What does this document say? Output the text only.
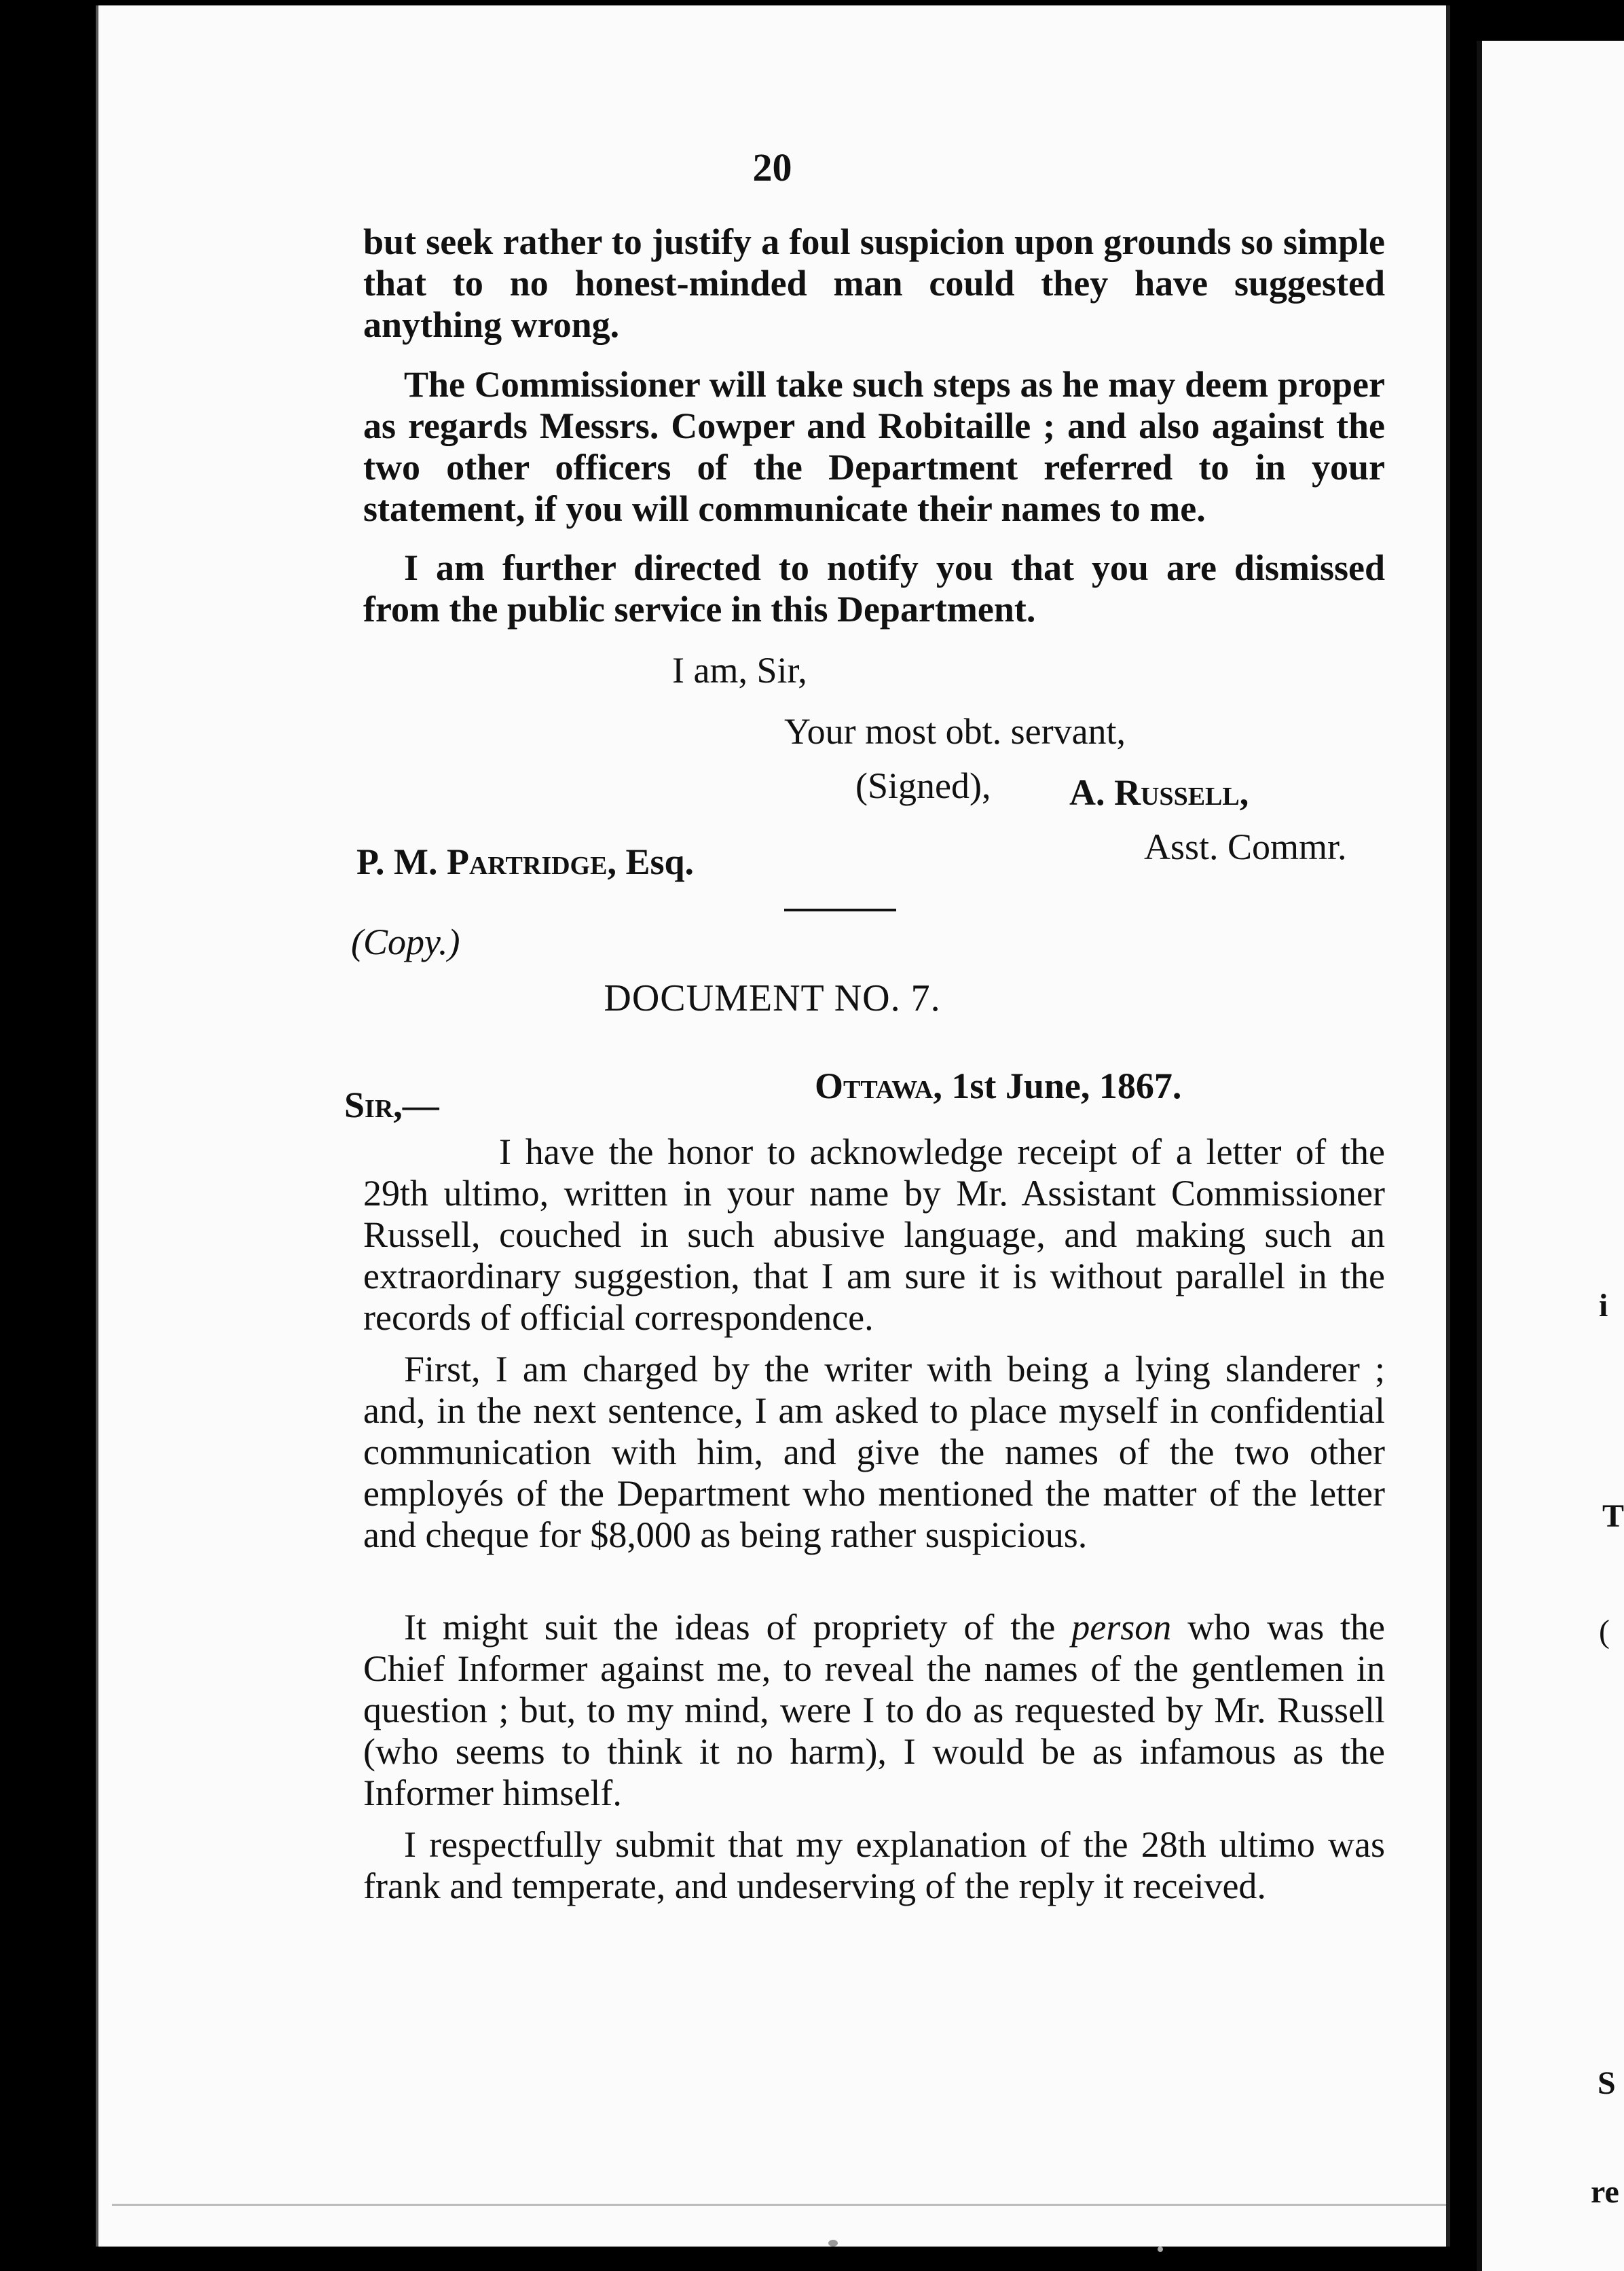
20

but seek rather to justify a foul suspicion upon grounds so simple that to no honest-minded man could they have suggested anything wrong.

The Commissioner will take such steps as he may deem proper as regards Messrs. Cowper and Robitaille ; and also against the two other officers of the Department referred to in your statement, if you will communicate their names to me.

I am further directed to notify you that you are dismissed from the public service in this Department.

I am, Sir,
Your most obt. servant,
(Signed), A. Russell,
Asst. Commr.
P. M. Partridge, Esq.
(Copy.)
DOCUMENT NO. 7.
Ottawa, 1st June, 1867.
Sir,—

I have the honor to acknowledge receipt of a letter of the 29th ultimo, written in your name by Mr. Assistant Commissioner Russell, couched in such abusive language, and making such an extraordinary suggestion, that I am sure it is without parallel in the records of official correspondence.

First, I am charged by the writer with being a lying slanderer ; and, in the next sentence, I am asked to place myself in confidential communication with him, and give the names of the two other employés of the Department who mentioned the matter of the letter and cheque for $8,000 as being rather suspicious.

It might suit the ideas of propriety of the person who was the Chief Informer against me, to reveal the names of the gentlemen in question ; but, to my mind, were I to do as requested by Mr. Russell (who seems to think it no harm), I would be as infamous as the Informer himself.

I respectfully submit that my explanation of the 28th ultimo was frank and temperate, and undeserving of the reply it received.

i
T
(
S
re
